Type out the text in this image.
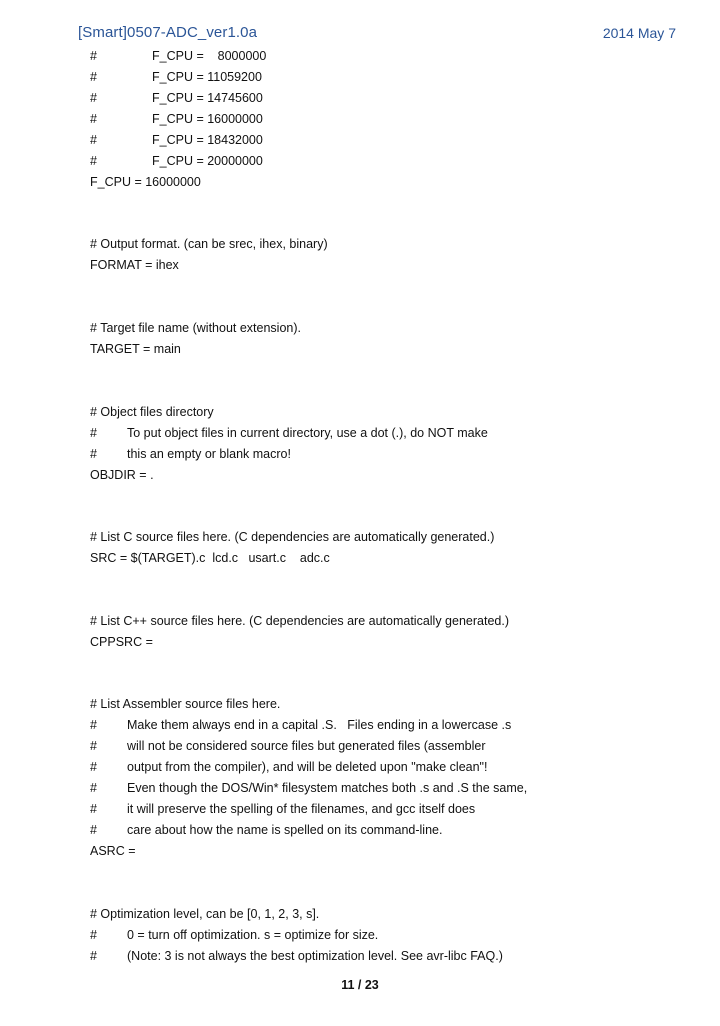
[Smart]0507-ADC_ver1.0a	2014 May 7

#

	F_CPU =    8000000

#

	F_CPU = 11059200

#

	F_CPU = 14745600

#

	F_CPU = 16000000

#

	F_CPU = 18432000

#

	F_CPU = 20000000

F_CPU = 16000000
# Output format. (can be srec, ihex, binary)
FORMAT = ihex
# Target file name (without extension).
TARGET = main
# Object files directory

#

To put object files in current directory, use a dot (.), do NOT make

#

this an empty or blank macro!

OBJDIR = .
# List C source files here. (C dependencies are automatically generated.)
SRC = $(TARGET).c  lcd.c   usart.c    adc.c
# List C++ source files here. (C dependencies are automatically generated.)
CPPSRC =
# List Assembler source files here.

#

Make them always end in a capital .S.   Files ending in a lowercase .s

#

will not be considered source files but generated files (assembler

#

output from the compiler), and will be deleted upon "make clean"!

#

Even though the DOS/Win* filesystem matches both .s and .S the same,

#

it will preserve the spelling of the filenames, and gcc itself does

#

care about how the name is spelled on its command-line.

ASRC =
# Optimization level, can be [0, 1, 2, 3, s].

#

0 = turn off optimization. s = optimize for size.

#

(Note: 3 is not always the best optimization level. See avr-libc FAQ.)

11 / 23
